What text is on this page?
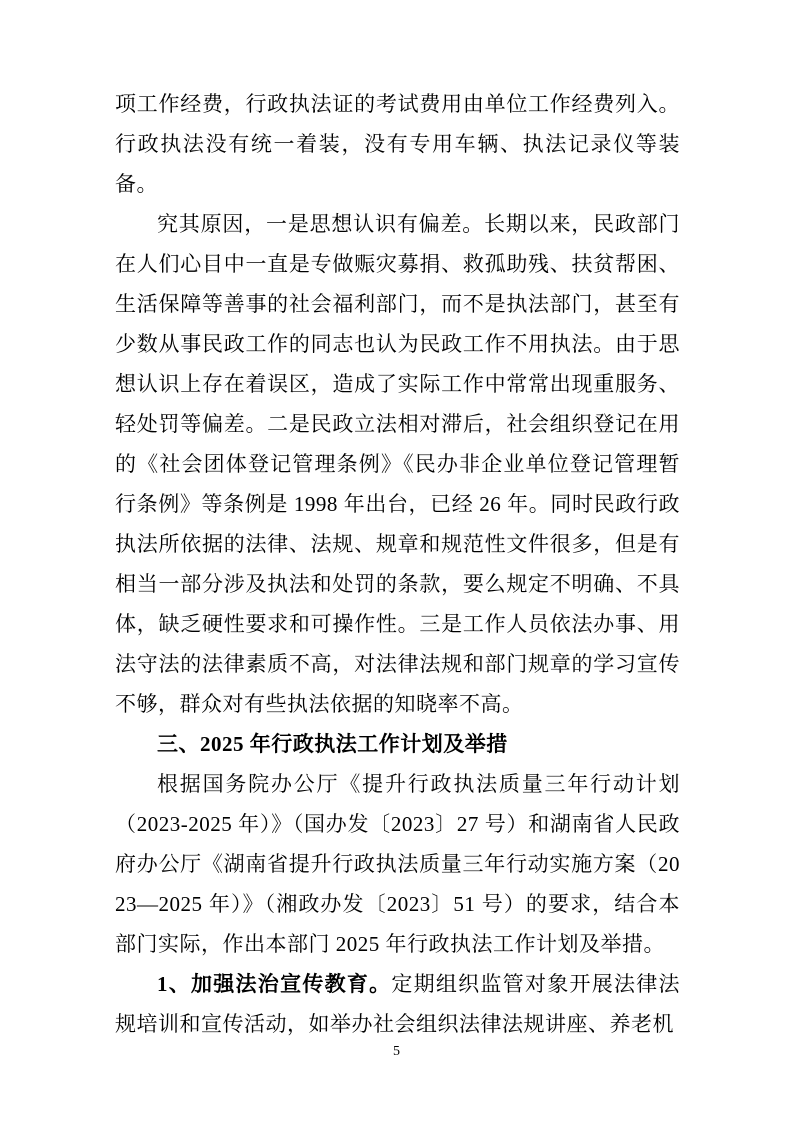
项工作经费，行政执法证的考试费用由单位工作经费列入。行政执法没有统一着装，没有专用车辆、执法记录仪等装备。

究其原因，一是思想认识有偏差。长期以来，民政部门在人们心目中一直是专做赈灾募捐、救孤助残、扶贫帮困、生活保障等善事的社会福利部门，而不是执法部门，甚至有少数从事民政工作的同志也认为民政工作不用执法。由于思想认识上存在着误区，造成了实际工作中常常出现重服务、轻处罚等偏差。二是民政立法相对滞后，社会组织登记在用的《社会团体登记管理条例》《民办非企业单位登记管理暂行条例》等条例是 1998 年出台，已经 26 年。同时民政行政执法所依据的法律、法规、规章和规范性文件很多，但是有相当一部分涉及执法和处罚的条款，要么规定不明确、不具体，缺乏硬性要求和可操作性。三是工作人员依法办事、用法守法的法律素质不高，对法律法规和部门规章的学习宣传不够，群众对有些执法依据的知晓率不高。

三、2025 年行政执法工作计划及举措

根据国务院办公厅《提升行政执法质量三年行动计划（2023-2025 年）》（国办发〔2023〕27 号）和湖南省人民政府办公厅《湖南省提升行政执法质量三年行动实施方案（2023—2025 年）》（湘政办发〔2023〕51 号）的要求，结合本部门实际，作出本部门 2025 年行政执法工作计划及举措。

1、加强法治宣传教育。定期组织监管对象开展法律法规培训和宣传活动，如举办社会组织法律法规讲座、养老机

5
